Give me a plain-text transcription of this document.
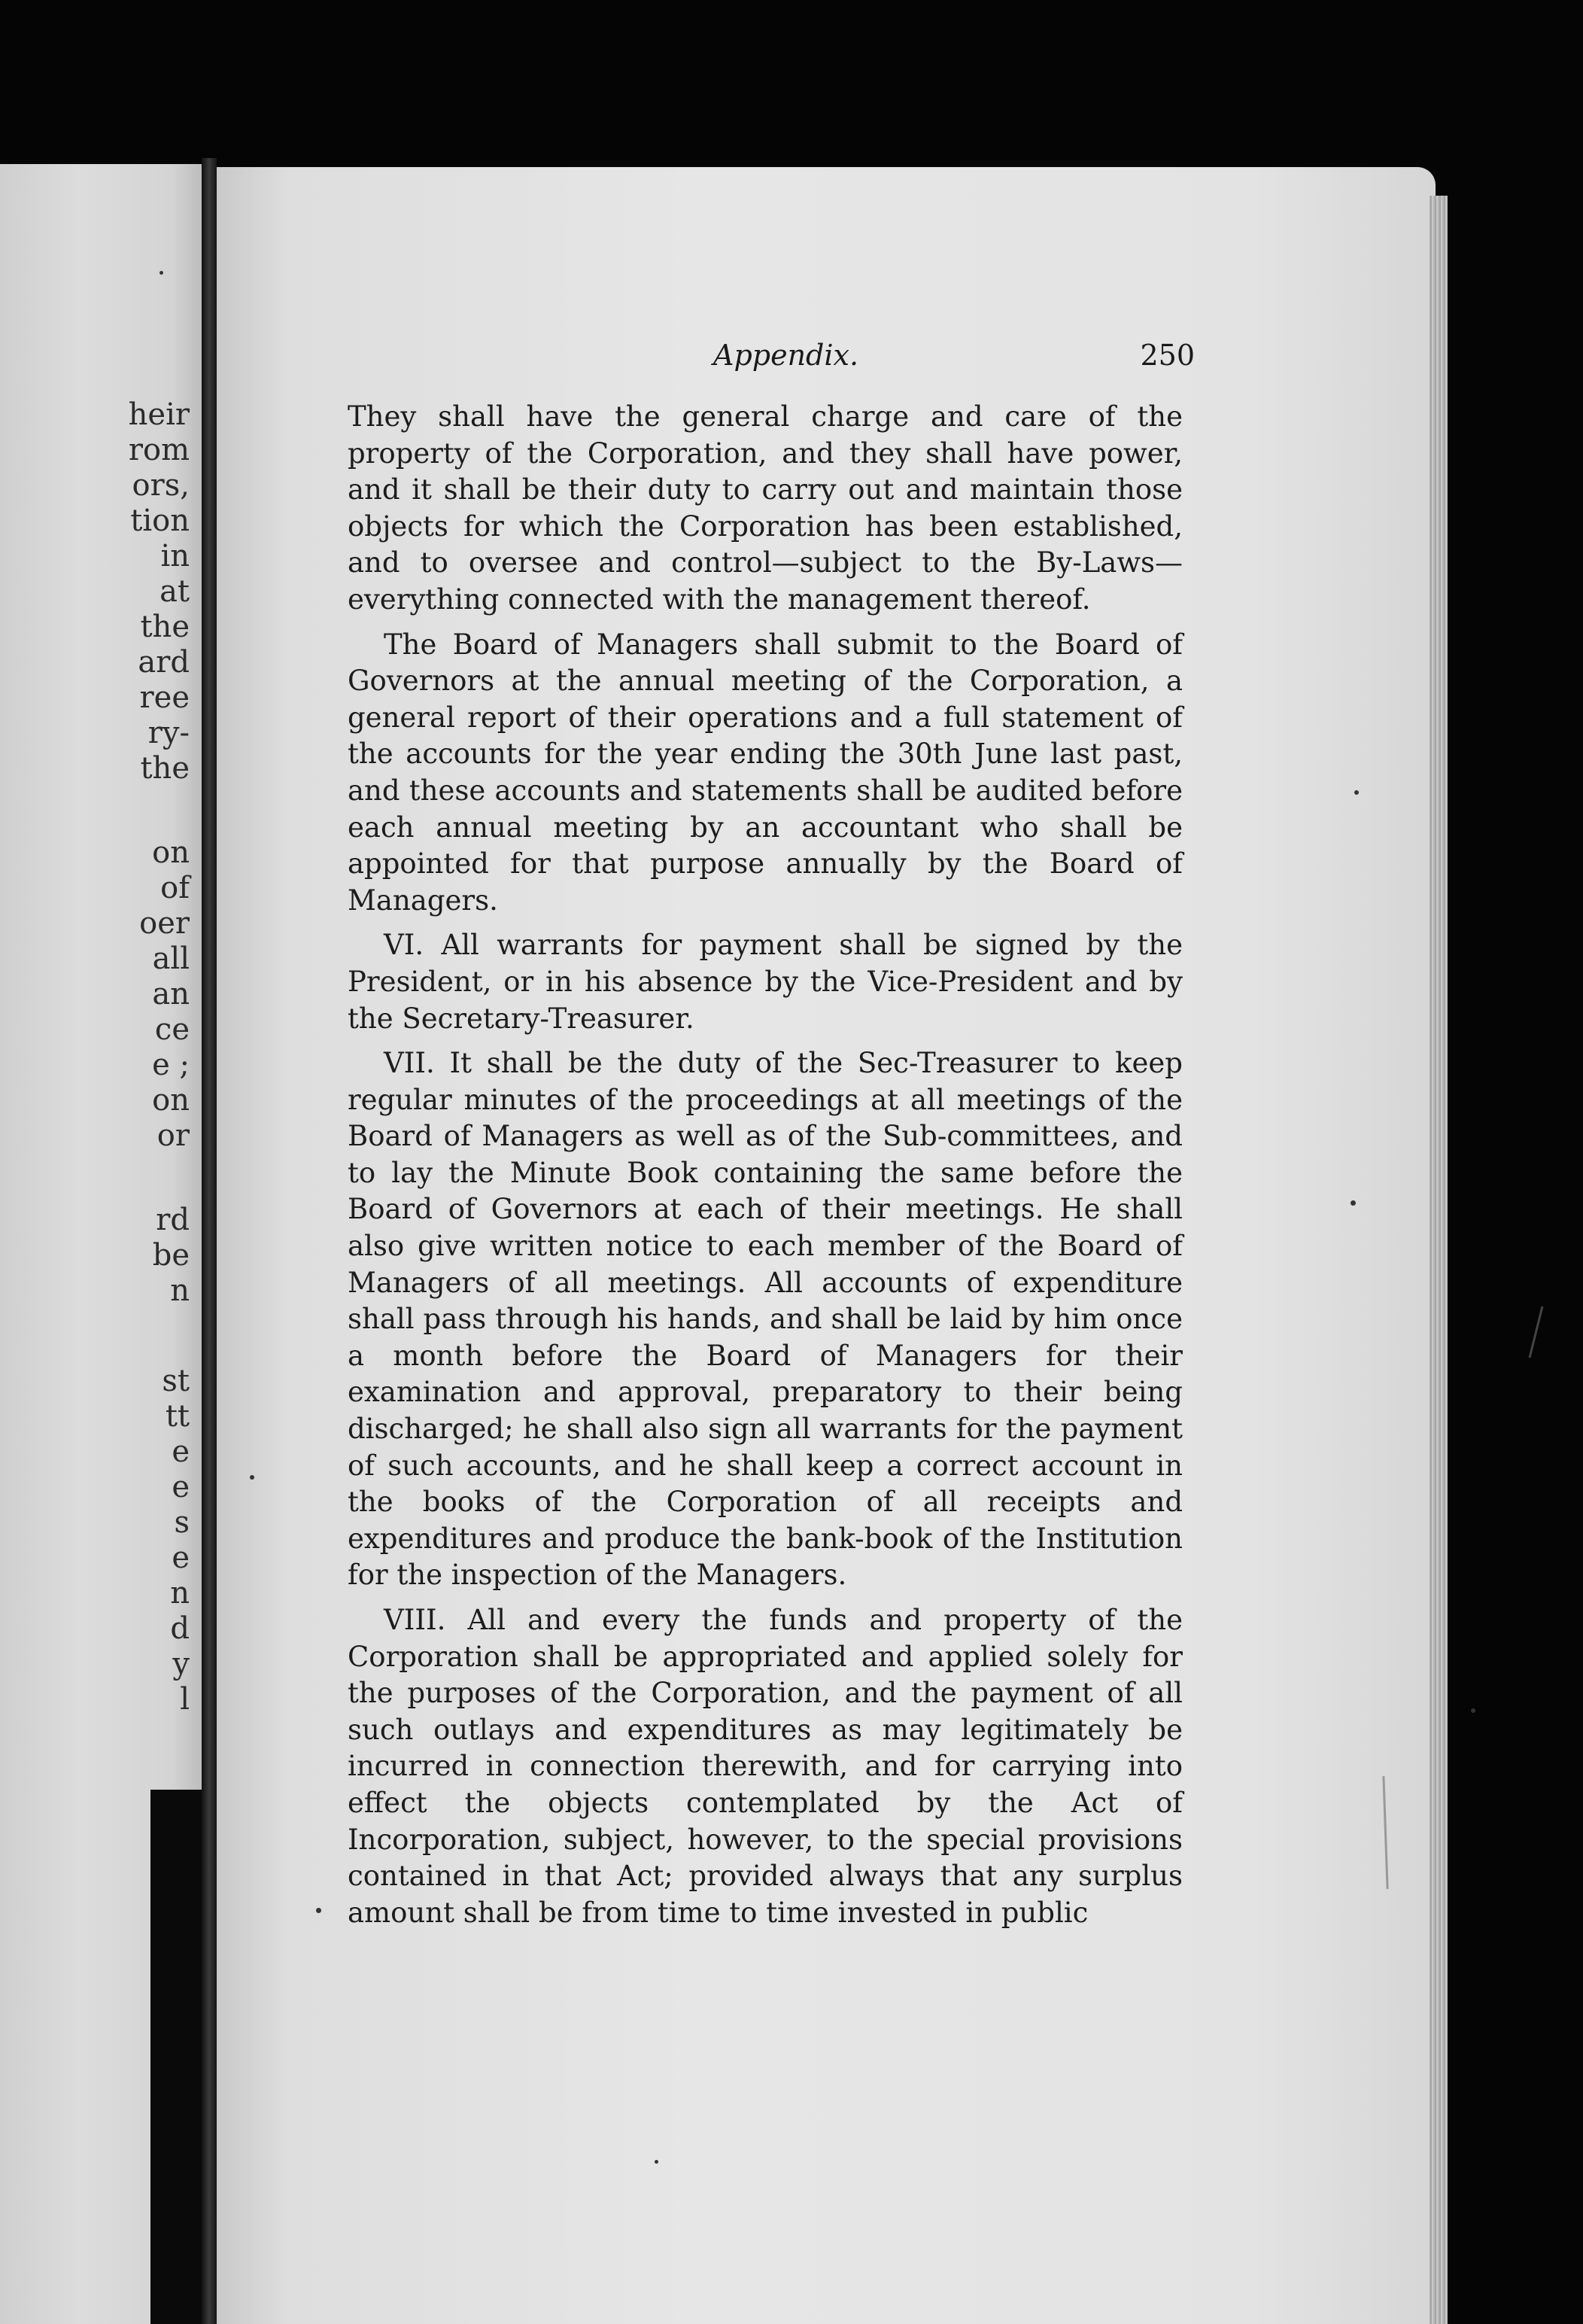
heir
rom
ors,
tion
in
at
the
ard
ree
ry-
the
on
of
oer
all
an
ce
e ;
on
or
rd
be
n
st
tt
e
e
s
e
n
d
y
l
Appendix.	250

They shall have the general charge and care of the property of the Corporation, and they shall have power, and it shall be their duty to carry out and maintain those objects for which the Corporation has been established, and to oversee and control—subject to the By-Laws—everything connected with the management thereof.

The Board of Managers shall submit to the Board of Governors at the annual meeting of the Corporation, a general report of their operations and a full statement of the accounts for the year ending the 30th June last past, and these accounts and statements shall be audited before each annual meeting by an accountant who shall be appointed for that purpose annually by the Board of Managers.

VI. All warrants for payment shall be signed by the President, or in his absence by the Vice-President and by the Secretary-Treasurer.

VII. It shall be the duty of the Sec-Treasurer to keep regular minutes of the proceedings at all meetings of the Board of Managers as well as of the Sub-committees, and to lay the Minute Book containing the same before the Board of Governors at each of their meetings. He shall also give written notice to each member of the Board of Managers of all meetings. All accounts of expenditure shall pass through his hands, and shall be laid by him once a month before the Board of Managers for their examination and approval, preparatory to their being discharged; he shall also sign all warrants for the payment of such accounts, and he shall keep a correct account in the books of the Corporation of all receipts and expenditures and produce the bank-book of the Institution for the inspection of the Managers.

VIII. All and every the funds and property of the Corporation shall be appropriated and applied solely for the purposes of the Corporation, and the payment of all such outlays and expenditures as may legitimately be incurred in connection therewith, and for carrying into effect the objects contemplated by the Act of Incorporation, subject, however, to the special provisions contained in that Act; provided always that any surplus amount shall be from time to time invested in public
